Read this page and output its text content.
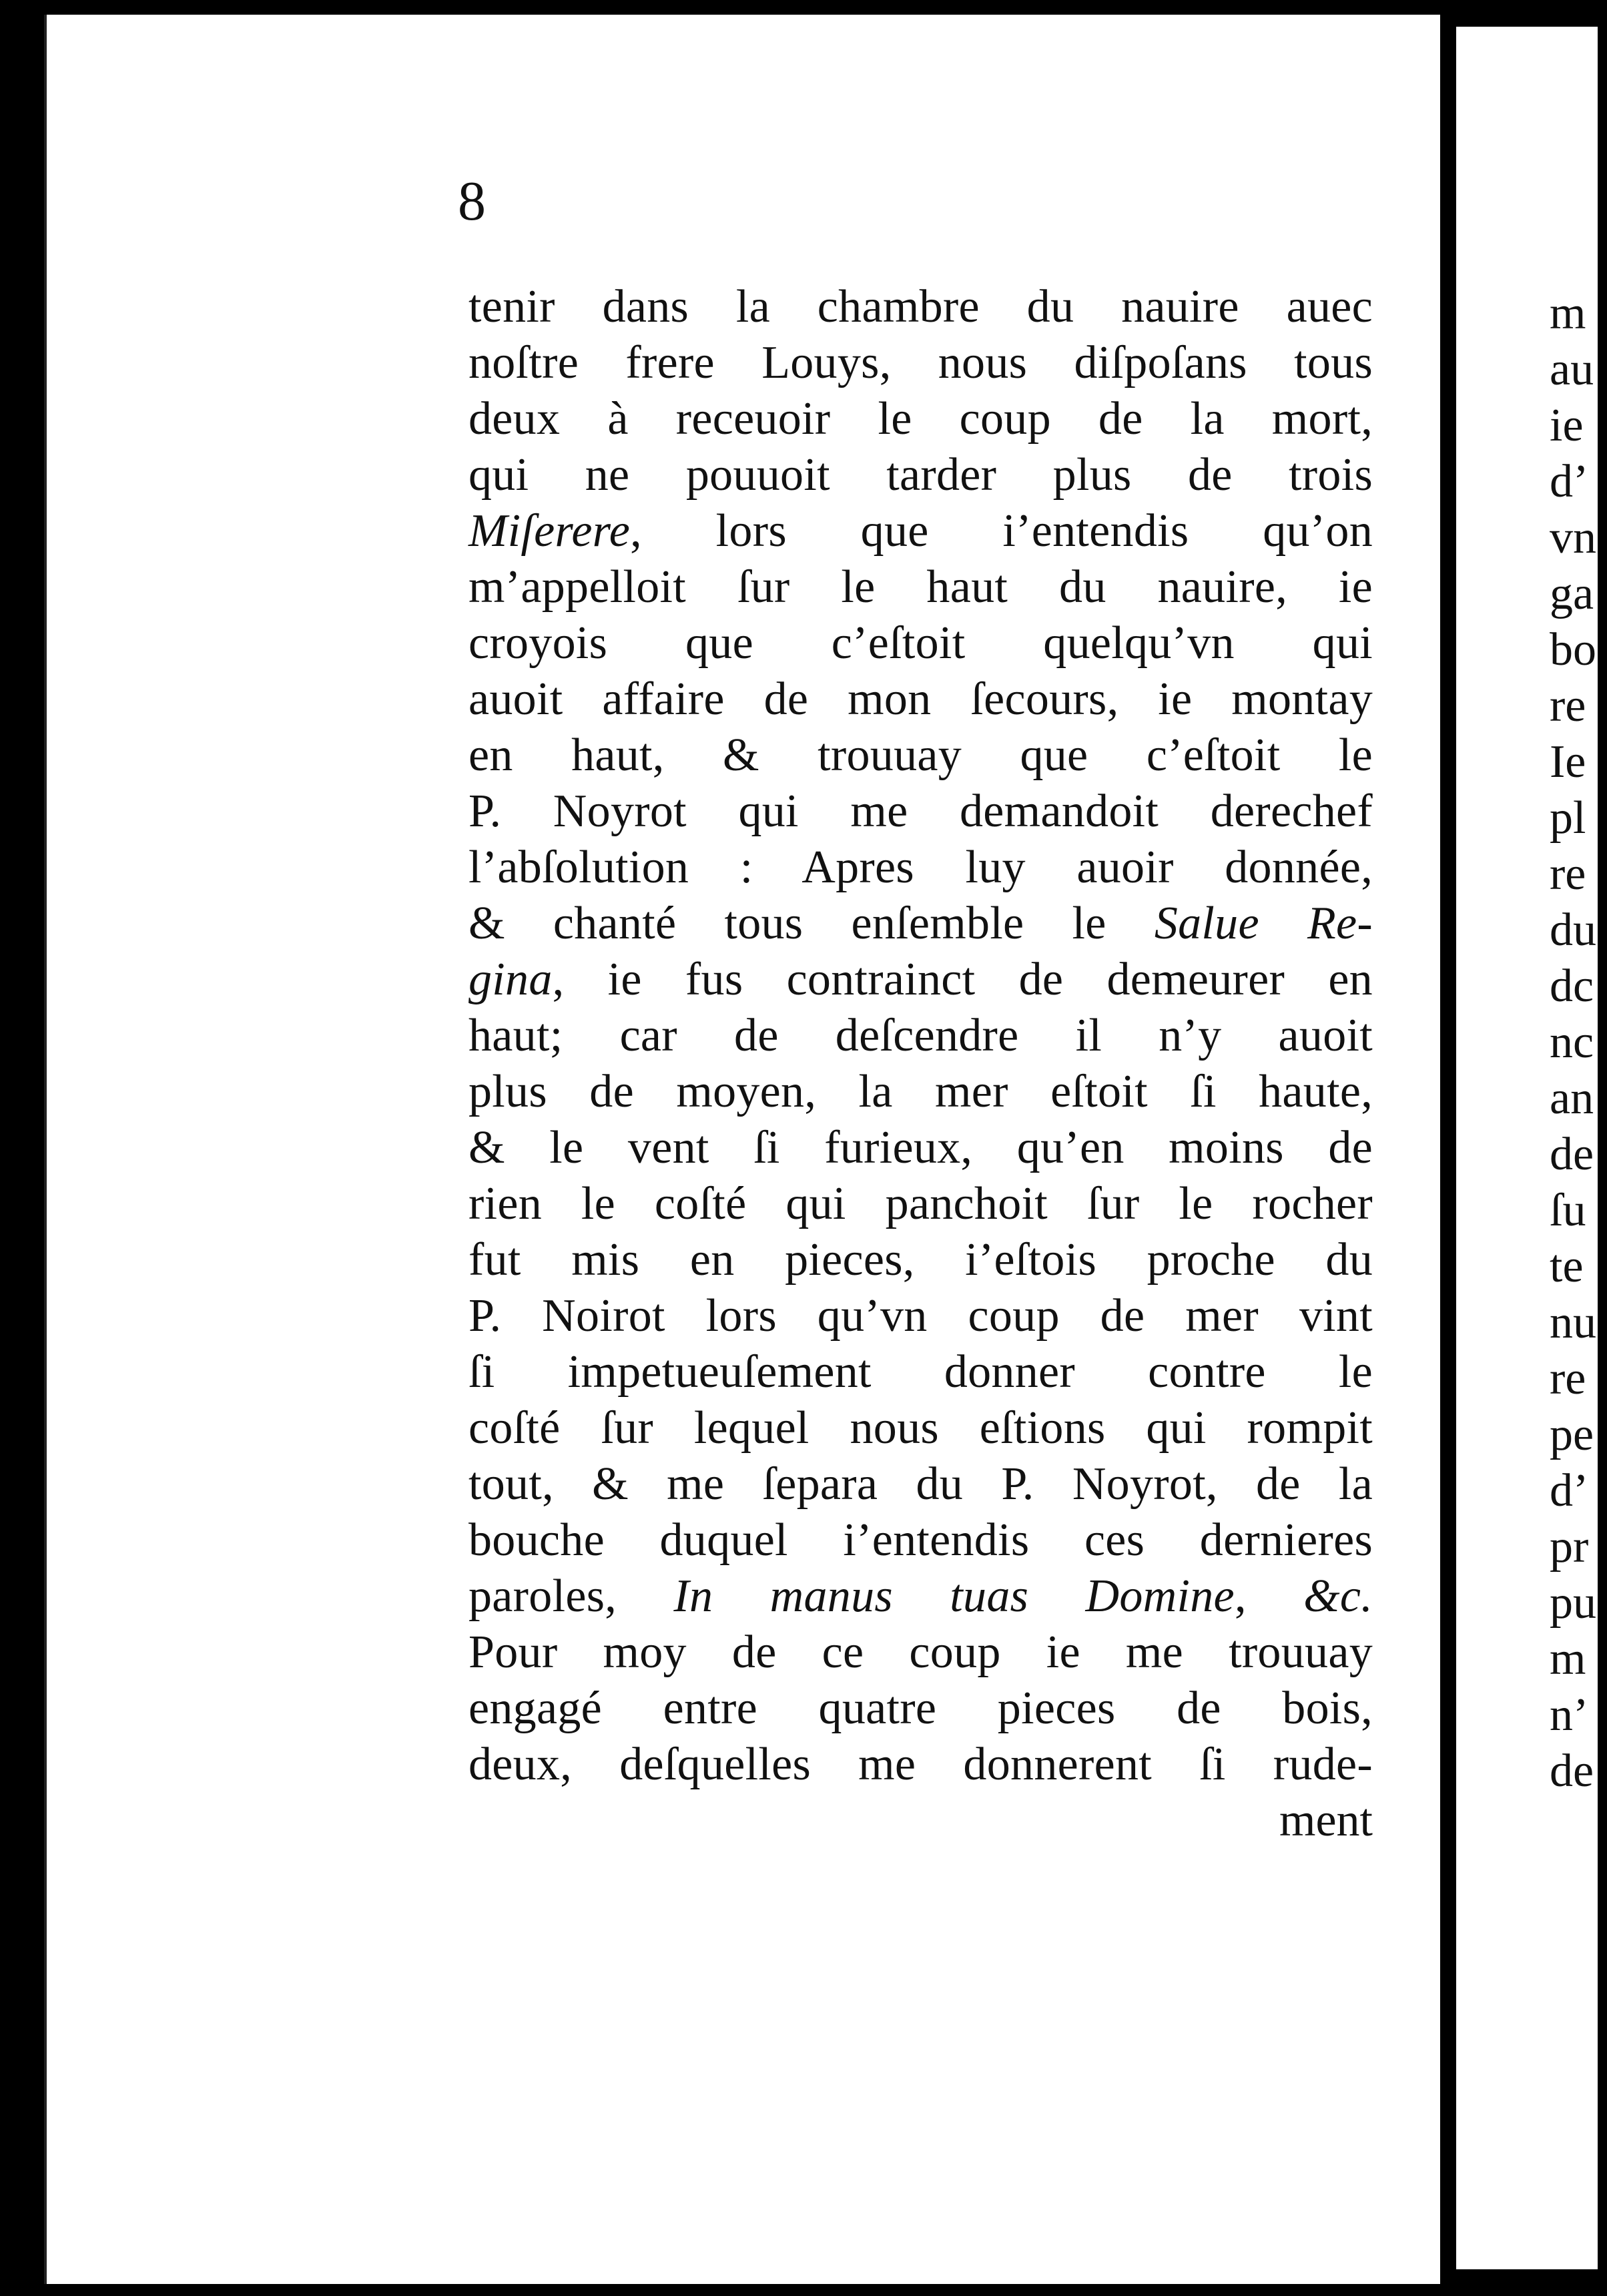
8
tenir dans la chambre du nauire auec
noſtre frere Louys, nous diſpoſans tous
deux à receuoir le coup de la mort,
qui ne pouuoit tarder plus de trois
Miſerere, lors que i’entendis qu’on
m’appelloit ſur le haut du nauire, ie
croyois que c’eſtoit quelqu’vn qui
auoit affaire de mon ſecours, ie montay
en haut, & trouuay que c’eſtoit le
P. Noyrot qui me demandoit derechef
l’abſolution : Apres luy auoir donnée,
& chanté tous enſemble le Salue Re-
gina, ie fus contrainct de demeurer en
haut; car de deſcendre il n’y auoit
plus de moyen, la mer eſtoit ſi haute,
& le vent ſi furieux, qu’en moins de
rien le coſté qui panchoit ſur le rocher
fut mis en pieces, i’eſtois proche du
P. Noirot lors qu’vn coup de mer vint
ſi impetueuſement donner contre le
coſté ſur lequel nous eſtions qui rompit
tout, & me ſepara du P. Noyrot, de la
bouche duquel i’entendis ces dernieres
paroles, In manus tuas Domine, &c.
Pour moy de ce coup ie me trouuay
engagé entre quatre pieces de bois,
deux, deſquelles me donnerent ſi rude-
ment
m
au
ie
d’
vn
ga
bo
re
Ie
pl
re
du
dc
nc
an
de
ſu
te
nu
re
pe
d’
pr
pu
m
n’
de
